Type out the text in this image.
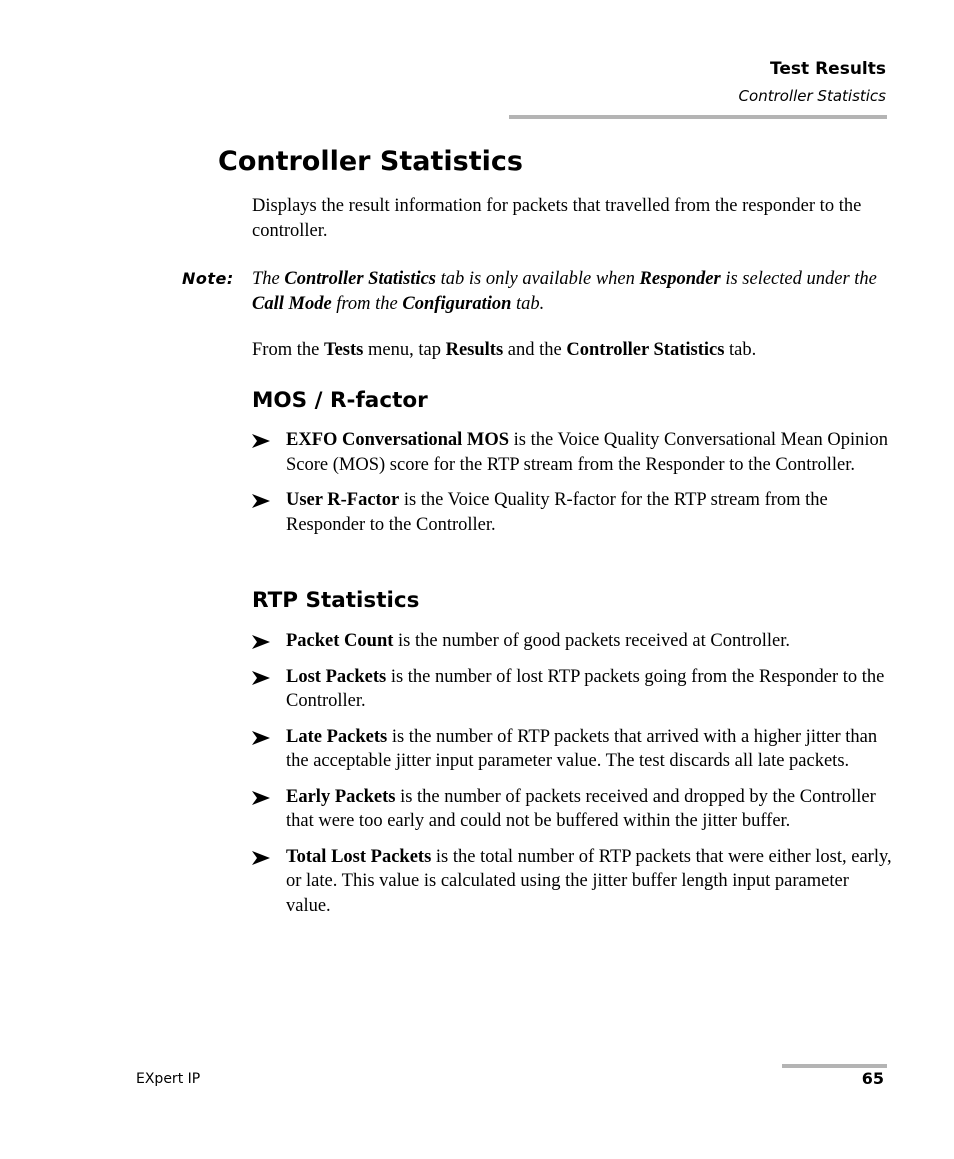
Test Results
Controller Statistics
Controller Statistics

Displays the result information for packets that travelled from the responder to the controller.

Note: The Controller Statistics tab is only available when Responder is selected under the Call Mode from the Configuration tab.

From the Tests menu, tap Results and the Controller Statistics tab.

MOS / R-factor
EXFO Conversational MOS is the Voice Quality Conversational Mean Opinion Score (MOS) score for the RTP stream from the Responder to the Controller.
User R-Factor is the Voice Quality R-factor for the RTP stream from the Responder to the Controller.
RTP Statistics
Packet Count is the number of good packets received at Controller.
Lost Packets is the number of lost RTP packets going from the Responder to the Controller.
Late Packets is the number of RTP packets that arrived with a higher jitter than the acceptable jitter input parameter value. The test discards all late packets.
Early Packets is the number of packets received and dropped by the Controller that were too early and could not be buffered within the jitter buffer.
Total Lost Packets is the total number of RTP packets that were either lost, early, or late. This value is calculated using the jitter buffer length input parameter value.
EXpert IP	65
